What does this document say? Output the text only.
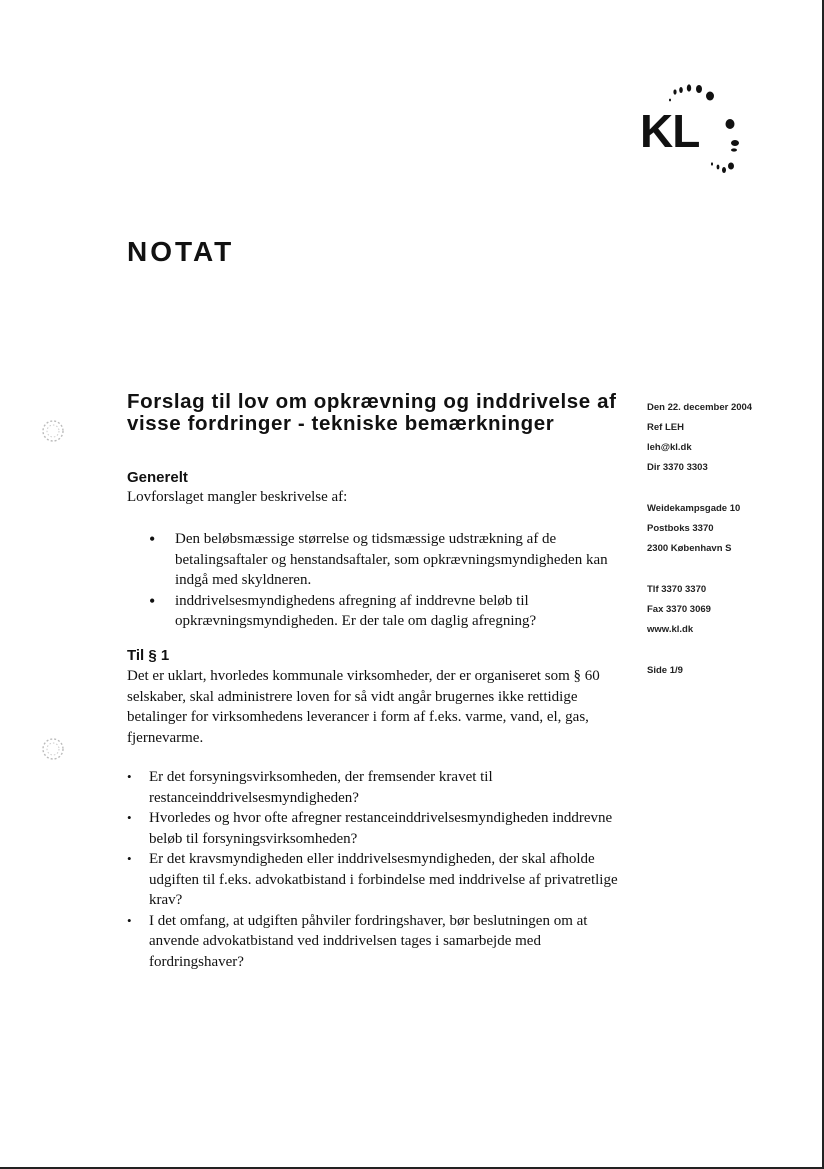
KL
NOTAT
Forslag til lov om opkrævning og inddrivelse af visse fordringer - tekniske bemærkninger
Den 22. december 2004
Ref LEH
leh@kl.dk
Dir 3370 3303
Weidekampsgade 10
Postboks 3370
2300 København S
Tlf 3370 3370
Fax 3370 3069
www.kl.dk
Side 1/9
Generelt
Lovforslaget mangler beskrivelse af:
• Den beløbsmæssige størrelse og tidsmæssige udstrækning af de betalingsaftaler og henstandsaftaler, som opkrævningsmyndigheden kan indgå med skyldneren.
• inddrivelsesmyndighedens afregning af inddrevne beløb til opkrævningsmyndigheden. Er der tale om daglig afregning?
Til § 1
Det er uklart, hvorledes kommunale virksomheder, der er organiseret som § 60 selskaber, skal administrere loven for så vidt angår brugernes ikke rettidige betalinger for virksomhedens leverancer i form af f.eks. varme, vand, el, gas, fjernevarme.
• Er det forsyningsvirksomheden, der fremsender kravet til restanceinddrivelsesmyndigheden?
• Hvorledes og hvor ofte afregner restanceinddrivelsesmyndigheden inddrevne beløb til forsyningsvirksomheden?
• Er det kravsmyndigheden eller inddrivelsesmyndigheden, der skal afholde udgiften til f.eks. advokatbistand i forbindelse med inddrivelse af privatretlige krav?
• I det omfang, at udgiften påhviler fordringshaver, bør beslutningen om at anvende advokatbistand ved inddrivelsen tages i samarbejde med fordringshaver?
